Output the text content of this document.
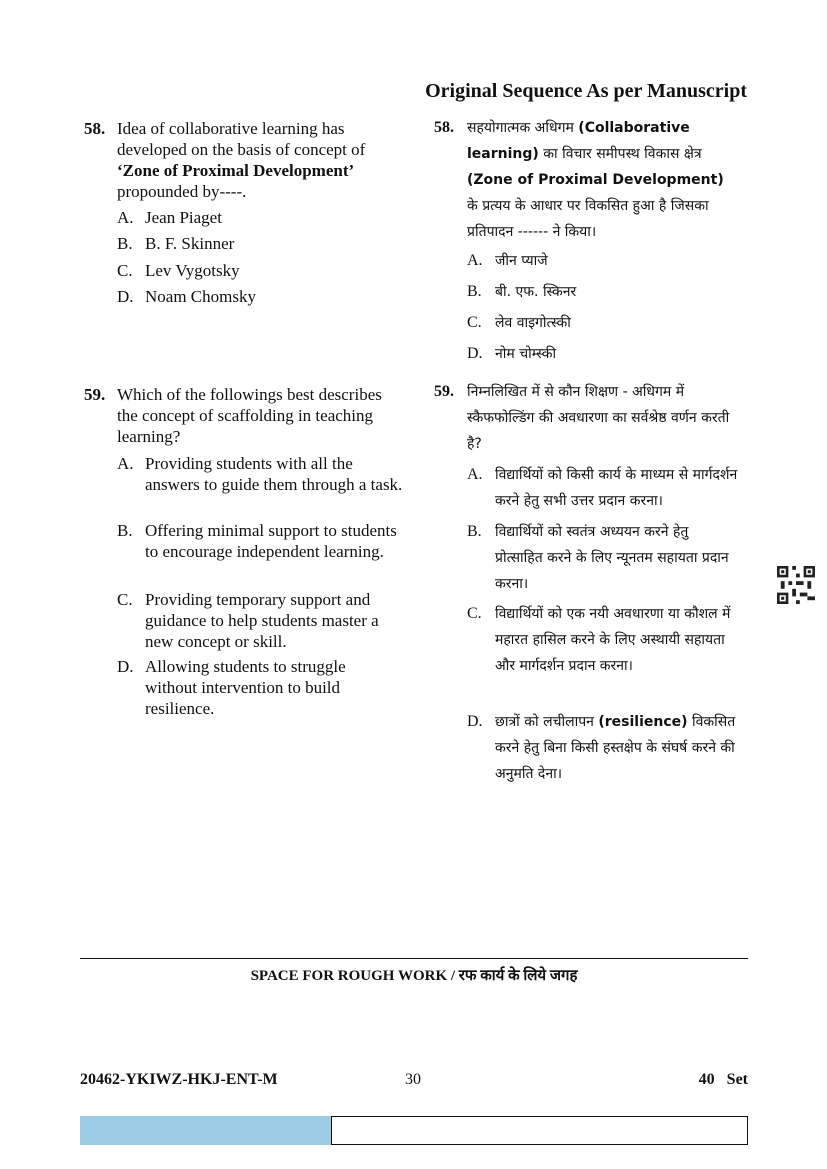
Original Sequence As per Manuscript
58. Idea of collaborative learning has developed on the basis of concept of ‘Zone of Proximal Development’ propounded by----.
A. Jean Piaget
B. B. F. Skinner
C. Lev Vygotsky
D. Noam Chomsky
59. Which of the followings best describes the concept of scaffolding in teaching learning?
A. Providing students with all the answers to guide them through a task.
B. Offering minimal support to students to encourage independent learning.
C. Providing temporary support and guidance to help students master a new concept or skill.
D. Allowing students to struggle without intervention to build resilience.
58. सहयोगात्मक अधिगम (Collaborative learning) का विचार समीपस्थ विकास क्षेत्र (Zone of Proximal Development) के प्रत्यय के आधार पर विकसित हुआ है जिसका प्रतिपादन ------ ने किया।
A. जीन प्याजे
B. बी. एफ. स्किनर
C. लेव वाइगोत्स्की
D. नोम चोम्स्की
59. निम्नलिखित में से कौन शिक्षण - अधिगम में स्कैफफोल्डिंग की अवधारणा का सर्वश्रेष्ठ वर्णन करती है?
A. विद्यार्थियों को किसी कार्य के माध्यम से मार्गदर्शन करने हेतु सभी उत्तर प्रदान करना।
B. विद्यार्थियों को स्वतंत्र अध्ययन करने हेतु प्रोत्साहित करने के लिए न्यूनतम सहायता प्रदान करना।
C. विद्यार्थियों को एक नयी अवधारणा या कौशल में महारत हासिल करने के लिए अस्थायी सहायता और मार्गदर्शन प्रदान करना।
D. छात्रों को लचीलापन (resilience) विकसित करने हेतु बिना किसी हस्तक्षेप के संघर्ष करने की अनुमति देना।
SPACE FOR ROUGH WORK / रफ कार्य के लिये जगह
20462-YKIWZ-HKJ-ENT-M	30	40   Set
